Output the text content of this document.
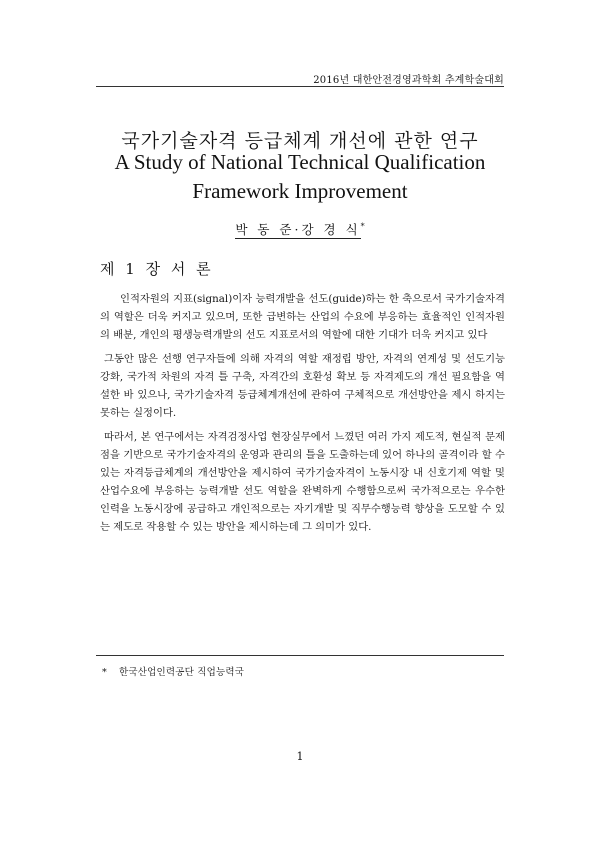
2016년 대한안전경영과학회 추계학술대회
국가기술자격 등급체계 개선에 관한 연구
A Study of National Technical Qualification
Framework Improvement
박 동 준·강 경 식*
제 1 장 서 론

인적자원의 지표(signal)이자 능력개발을 선도(guide)하는 한 축으로서 국가기술자격의 역할은 더욱 커지고 있으며, 또한 급변하는 산업의 수요에 부응하는 효율적인 인적자원의 배분, 개인의 평생능력개발의 선도 지표로서의 역할에 대한 기대가 더욱 커지고 있다

그동안 많은 선행 연구자들에 의해 자격의 역할 재정립 방안, 자격의 연계성 및 선도기능 강화, 국가적 차원의 자격 틀 구축, 자격간의 호환성 확보 등 자격제도의 개선 필요함을 역설한 바 있으나, 국가기술자격 등급체계개선에 관하여 구체적으로 개선방안을 제시 하지는 못하는 실정이다.

따라서, 본 연구에서는 자격검정사업 현장실무에서 느꼈던 여러 가지 제도적, 현실적 문제점을 기반으로 국가기술자격의 운영과 관리의 틀을 도출하는데 있어 하나의 골격이라 할 수 있는 자격등급체계의 개선방안을 제시하여 국가기술자격이 노동시장 내 신호기제 역할 및 산업수요에 부응하는 능력개발 선도 역할을 완벽하게 수행함으로써 국가적으로는 우수한 인력을 노동시장에 공급하고 개인적으로는 자기개발 및 직무수행능력 향상을 도모할 수 있는 제도로 작용할 수 있는 방안을 제시하는데 그 의미가 있다.

* 한국산업인력공단 직업능력국
1
